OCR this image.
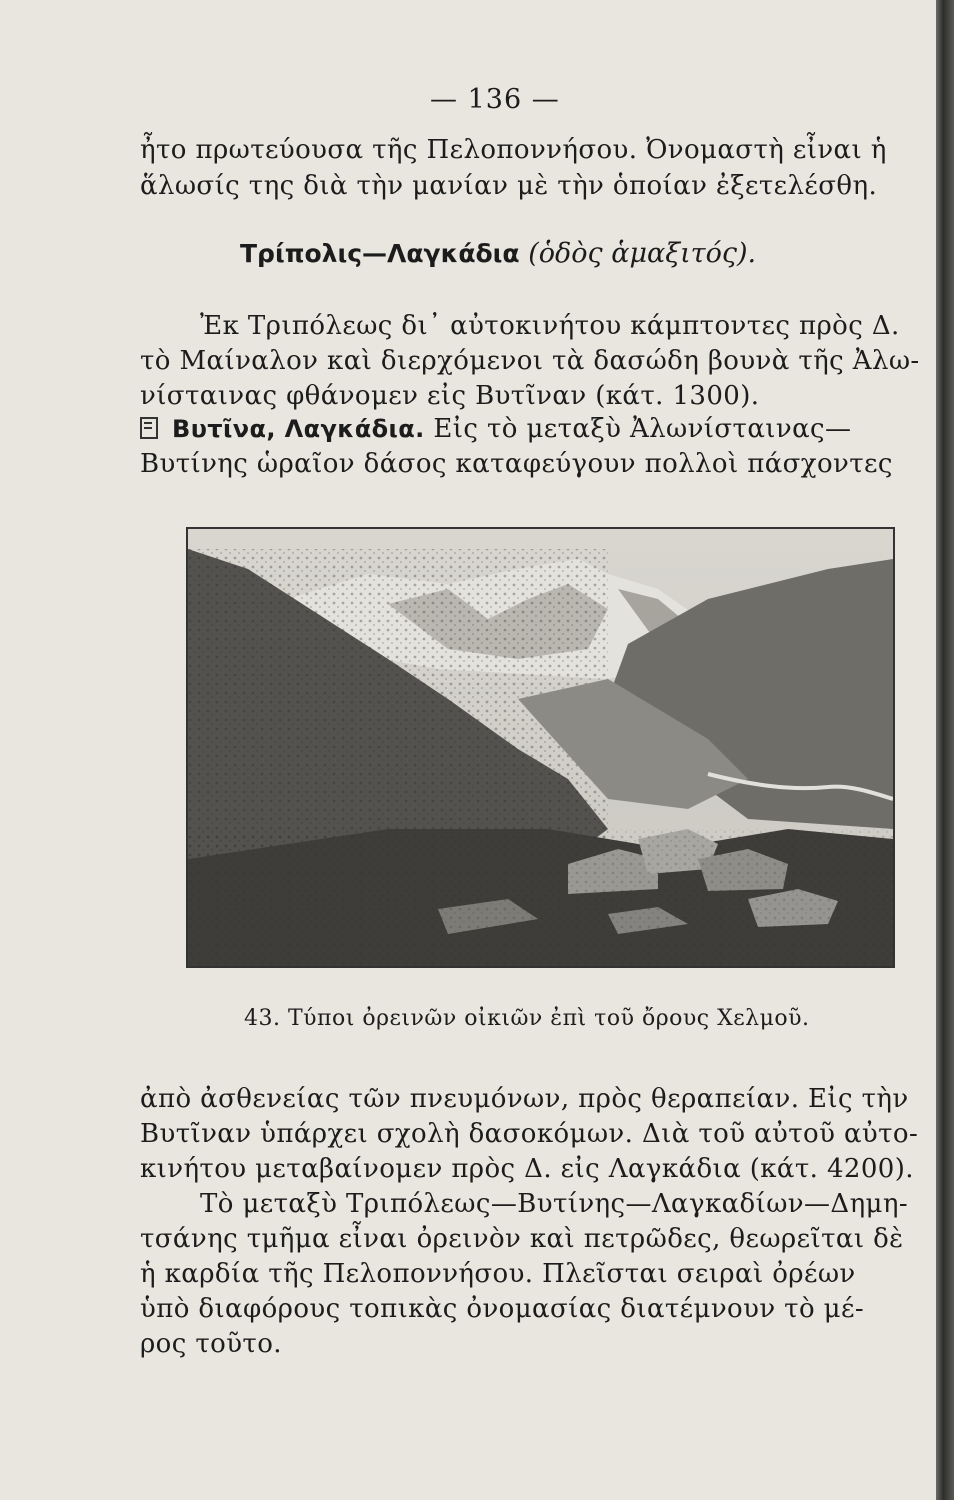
— 136 —
ἦτο πρωτεύουσα τῆς Πελοποννήσου. Ὀνομαστὴ εἶναι ἡ
ἅλωσίς της διὰ τὴν μανίαν μὲ τὴν ὁποίαν ἐξετελέσθη.
Τρίπολις—Λαγκάδια (ὁδὸς ἁμαξιτός).
Ἐκ Τριπόλεως δι᾽ αὐτοκινήτου κάμπτοντες πρὸς Δ.
τὸ Μαίναλον καὶ διερχόμενοι τὰ δασώδη βουνὰ τῆς Ἀλω-
νίσταινας φθάνομεν εἰς Βυτῖναν (κάτ. 1300).
Βυτῖνα, Λαγκάδια. Εἰς τὸ μεταξὺ Ἀλωνίσταινας—
Βυτίνης ὡραῖον δάσος καταφεύγουν πολλοὶ πάσχοντες
43. Τύποι ὀρεινῶν οἰκιῶν ἐπὶ τοῦ ὄρους Χελμοῦ.
ἀπὸ ἀσθενείας τῶν πνευμόνων, πρὸς θεραπείαν. Εἰς τὴν
Βυτῖναν ὑπάρχει σχολὴ δασοκόμων. Διὰ τοῦ αὐτοῦ αὐτο-
κινήτου μεταβαίνομεν πρὸς Δ. εἰς Λαγκάδια (κάτ. 4200).
Τὸ μεταξὺ Τριπόλεως—Βυτίνης—Λαγκαδίων—Δημη-
τσάνης τμῆμα εἶναι ὀρεινὸν καὶ πετρῶδες, θεωρεῖται δὲ
ἡ καρδία τῆς Πελοποννήσου. Πλεῖσται σειραὶ ὀρέων
ὑπὸ διαφόρους τοπικὰς ὀνομασίας διατέμνουν τὸ μέ-
ρος τοῦτο.
